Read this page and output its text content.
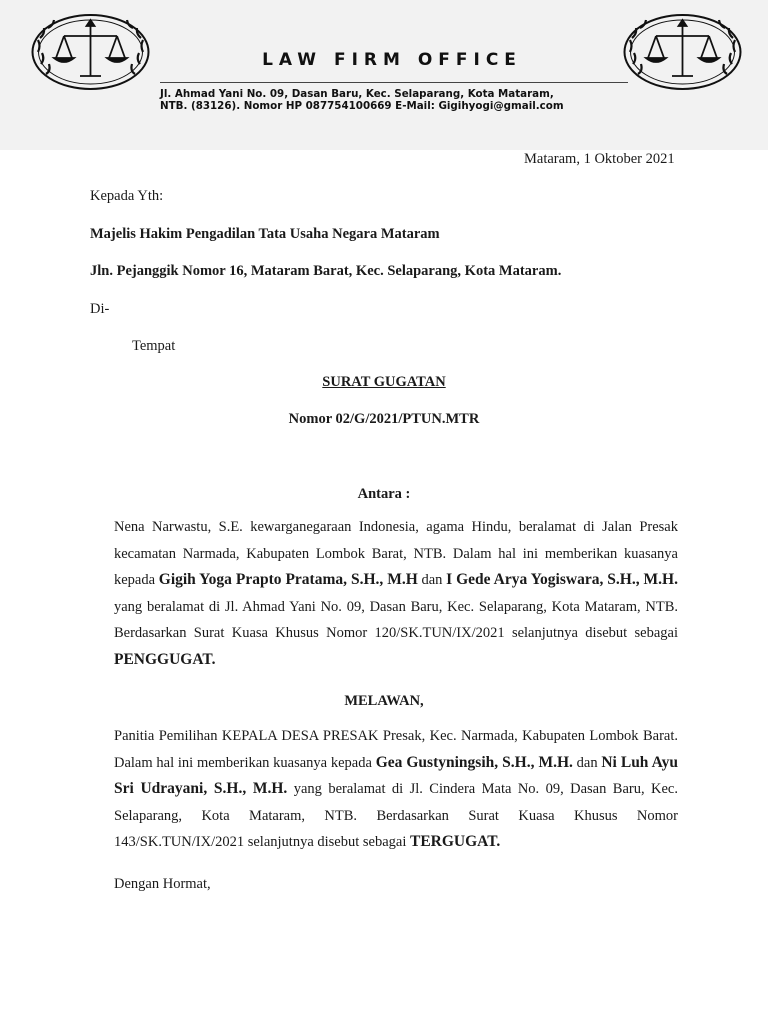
LAW FIRM OFFICE
Jl. Ahmad Yani No. 09, Dasan Baru, Kec. Selaparang, Kota Mataram,
NTB. (83126). Nomor HP 087754100669 E-Mail: Gigihyogi@gmail.com
Mataram, 1 Oktober 2021
Kepada Yth:
Majelis Hakim Pengadilan Tata Usaha Negara Mataram
Jln. Pejanggik Nomor 16, Mataram Barat, Kec. Selaparang, Kota Mataram.
Di-
Tempat
SURAT GUGATAN
Nomor 02/G/2021/PTUN.MTR
Antara :
Nena Narwastu, S.E. kewarganegaraan Indonesia, agama Hindu, beralamat di Jalan Presak kecamatan Narmada, Kabupaten Lombok Barat, NTB. Dalam hal ini memberikan kuasanya kepada Gigih Yoga Prapto Pratama, S.H., M.H dan I Gede Arya Yogiswara, S.H., M.H. yang beralamat di Jl. Ahmad Yani No. 09, Dasan Baru, Kec. Selaparang, Kota Mataram, NTB. Berdasarkan Surat Kuasa Khusus Nomor 120/SK.TUN/IX/2021 selanjutnya disebut sebagai PENGGUGAT.
MELAWAN,
Panitia Pemilihan KEPALA DESA PRESAK Presak, Kec. Narmada, Kabupaten Lombok Barat. Dalam hal ini memberikan kuasanya kepada Gea Gustyningsih, S.H., M.H. dan Ni Luh Ayu Sri Udrayani, S.H., M.H. yang beralamat di Jl. Cindera Mata No. 09, Dasan Baru, Kec. Selaparang, Kota Mataram, NTB. Berdasarkan Surat Kuasa Khusus Nomor 143/SK.TUN/IX/2021 selanjutnya disebut sebagai TERGUGAT.
Dengan Hormat,
